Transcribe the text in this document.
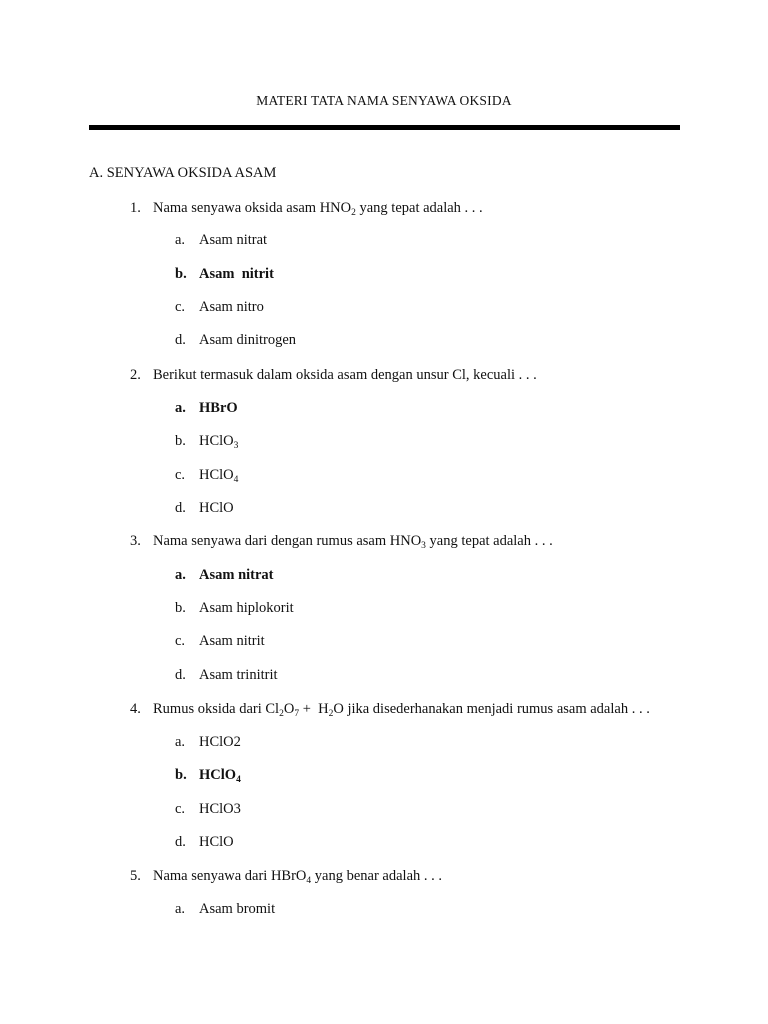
MATERI TATA NAMA SENYAWA OKSIDA
A. SENYAWA OKSIDA ASAM
1. Nama senyawa oksida asam $HNO_2$ yang tepat adalah . . .
a. Asam nitrat
b. Asam  nitrit
c. Asam nitro
d. Asam dinitrogen
2. Berikut termasuk dalam oksida asam dengan unsur Cl, kecuali . . .
a. HBrO
b. HClO$_3$
c. HClO$_4$
d. HClO
3. Nama senyawa dari dengan rumus asam $HNO_3$ yang tepat adalah . . .
a. Asam nitrat
b. Asam hiplokorit
c. Asam nitrit
d. Asam trinitrit
4. Rumus oksida dari $Cl_2O_7 + H_2O$ jika disederhanakan menjadi rumus asam adalah . . .
a. HClO2
b. HClO$_4$
c. HClO3
d. HClO
5. Nama senyawa dari HBrO$_4$ yang benar adalah . . .
a. Asam bromit
